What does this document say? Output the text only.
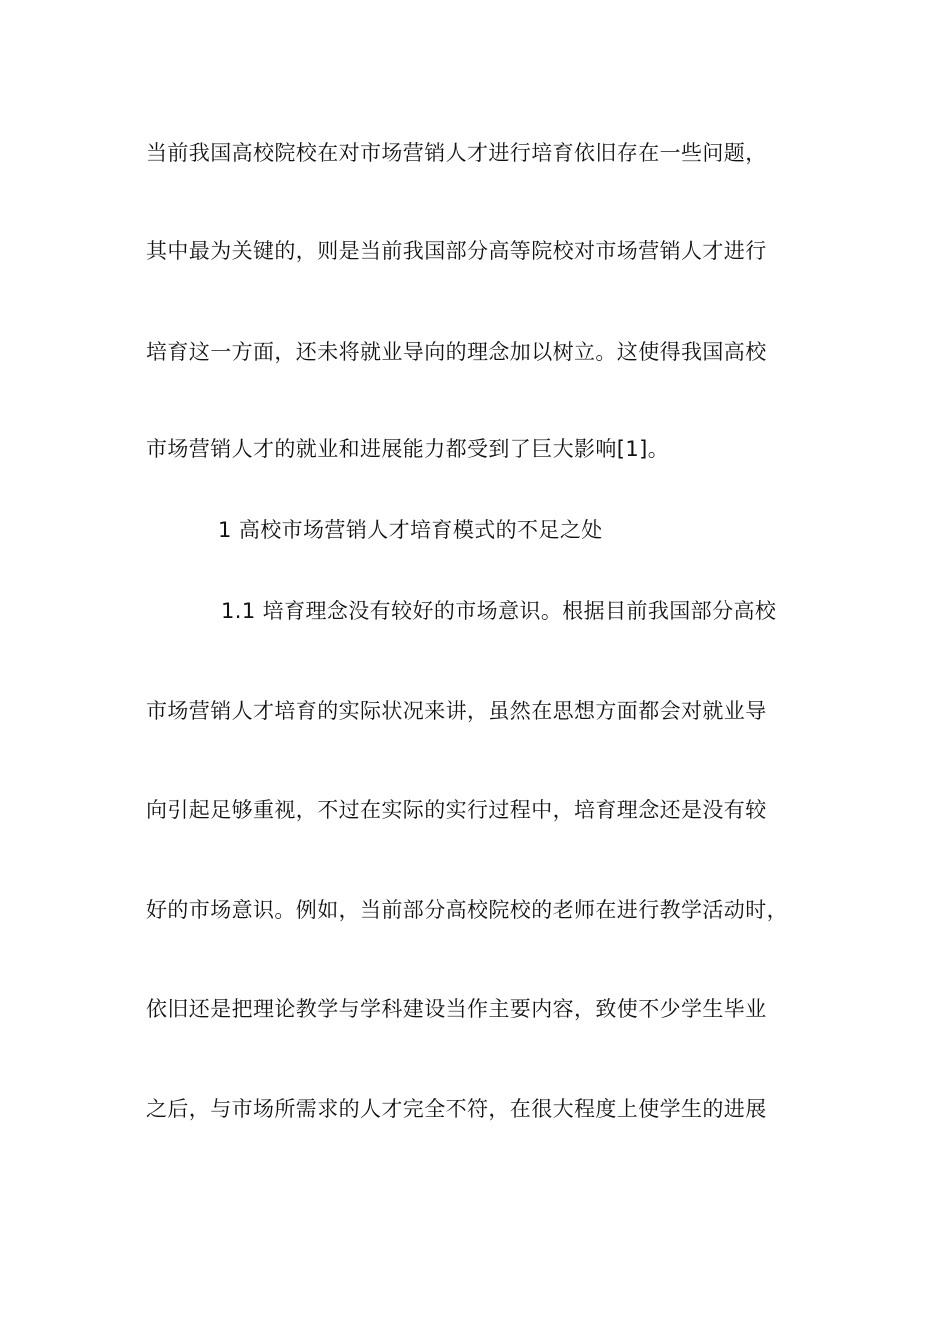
当前我国高校院校在对市场营销人才进行培育依旧存在一些问题，
其中最为关键的，则是当前我国部分高等院校对市场营销人才进行
培育这一方面，还未将就业导向的理念加以树立。这使得我国高校
市场营销人才的就业和进展能力都受到了巨大影响[1]。
1 高校市场营销人才培育模式的不足之处
1.1 培育理念没有较好的市场意识。根据目前我国部分高校
市场营销人才培育的实际状况来讲，虽然在思想方面都会对就业导
向引起足够重视，不过在实际的实行过程中，培育理念还是没有较
好的市场意识。例如，当前部分高校院校的老师在进行教学活动时，
依旧还是把理论教学与学科建设当作主要内容，致使不少学生毕业
之后，与市场所需求的人才完全不符，在很大程度上使学生的进展
